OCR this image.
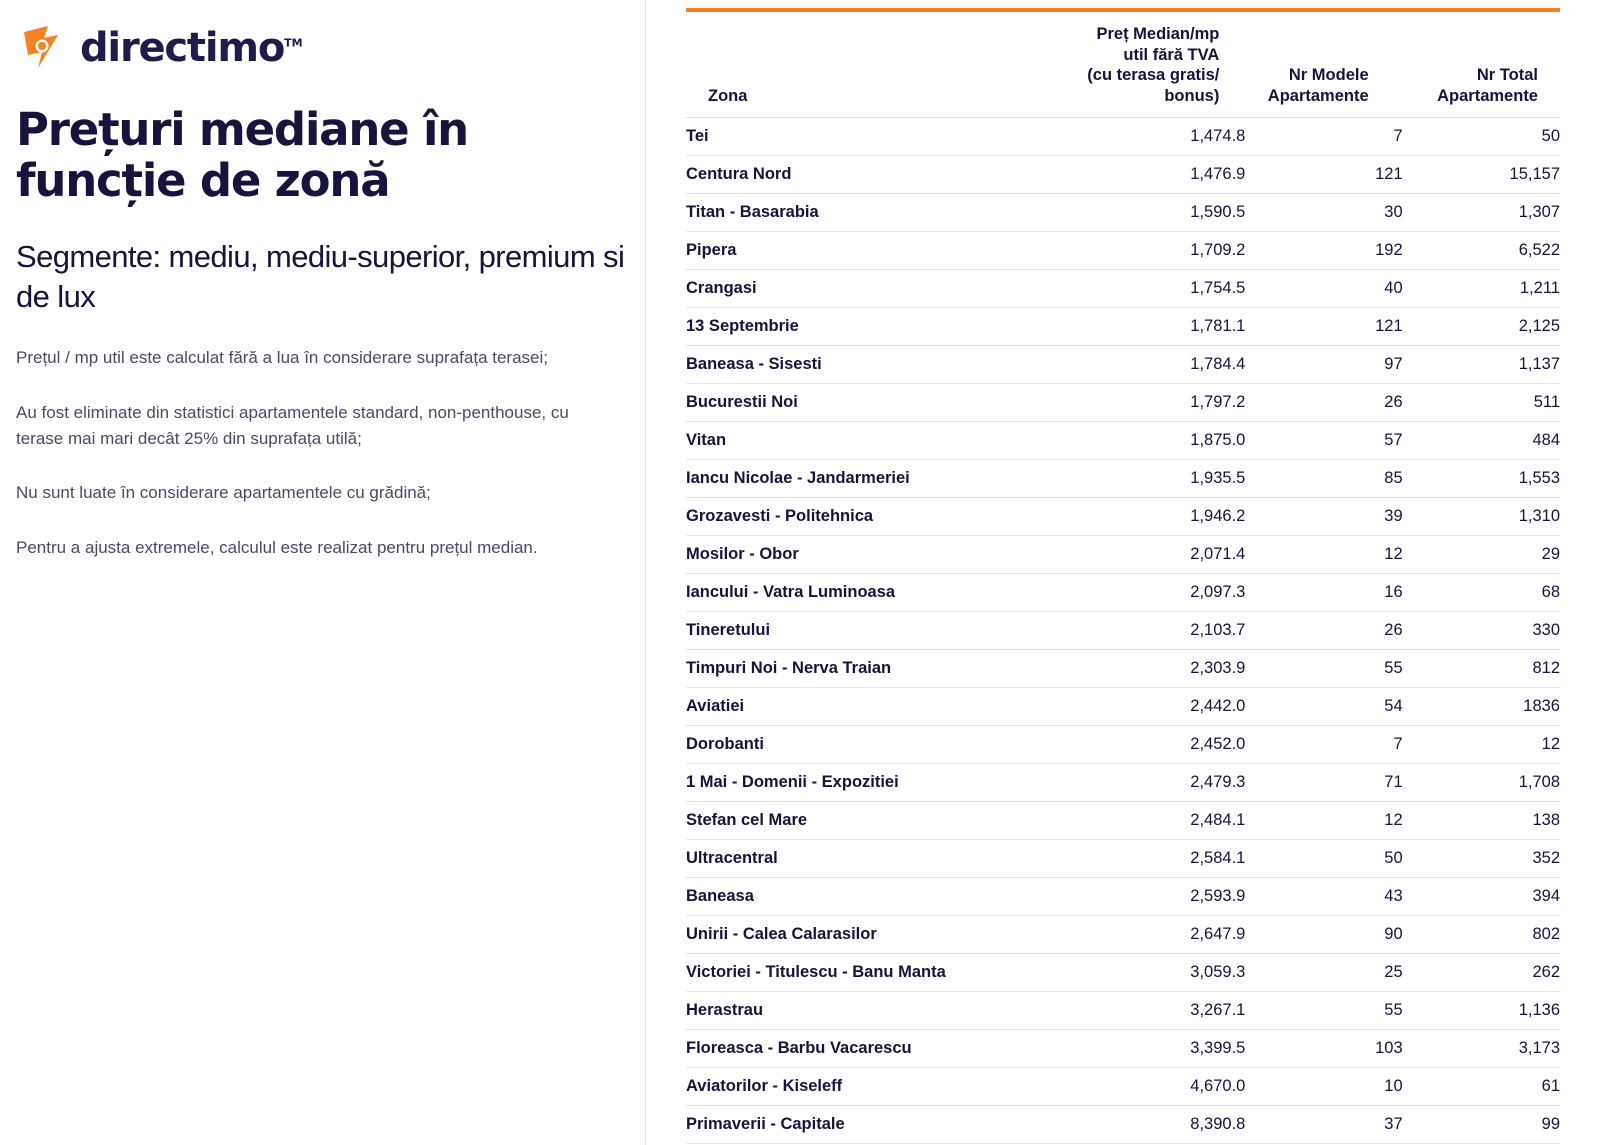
directimo™
Prețuri mediane în funcție de zonă
Segmente: mediu, mediu-superior, premium si de lux

Prețul / mp util este calculat fără a lua în considerare suprafața terasei;

Au fost eliminate din statistici apartamentele standard, non-penthouse, cu terase mai mari decât 25% din suprafața utilă;

Nu sunt luate în considerare apartamentele cu grădină;

Pentru a ajusta extremele, calculul este realizat pentru prețul median.

Zona	
Preț Median/mp
util fără TVA
(cu terasa gratis/
bonus)

Nr Modele
Apartamente

Nr Total
Apartamente

Tei	1,474.8	7	50
Centura Nord	1,476.9	121	15,157
Titan - Basarabia	1,590.5	30	1,307
Pipera	1,709.2	192	6,522
Crangasi	1,754.5	40	1,211
13 Septembrie	1,781.1	121	2,125
Baneasa - Sisesti	1,784.4	97	1,137
Bucurestii Noi	1,797.2	26	511
Vitan	1,875.0	57	484
Iancu Nicolae - Jandarmeriei	1,935.5	85	1,553
Grozavesti - Politehnica	1,946.2	39	1,310
Mosilor - Obor	2,071.4	12	29
Iancului - Vatra Luminoasa	2,097.3	16	68
Tineretului	2,103.7	26	330
Timpuri Noi - Nerva Traian	2,303.9	55	812
Aviatiei	2,442.0	54	1836
Dorobanti	2,452.0	7	12
1 Mai - Domenii - Expozitiei	2,479.3	71	1,708
Stefan cel Mare	2,484.1	12	138
Ultracentral	2,584.1	50	352
Baneasa	2,593.9	43	394
Unirii - Calea Calarasilor	2,647.9	90	802
Victoriei - Titulescu - Banu Manta	3,059.3	25	262
Herastrau	3,267.1	55	1,136
Floreasca - Barbu Vacarescu	3,399.5	103	3,173
Aviatorilor - Kiseleff	4,670.0	10	61
Primaverii - Capitale	8,390.8	37	99
